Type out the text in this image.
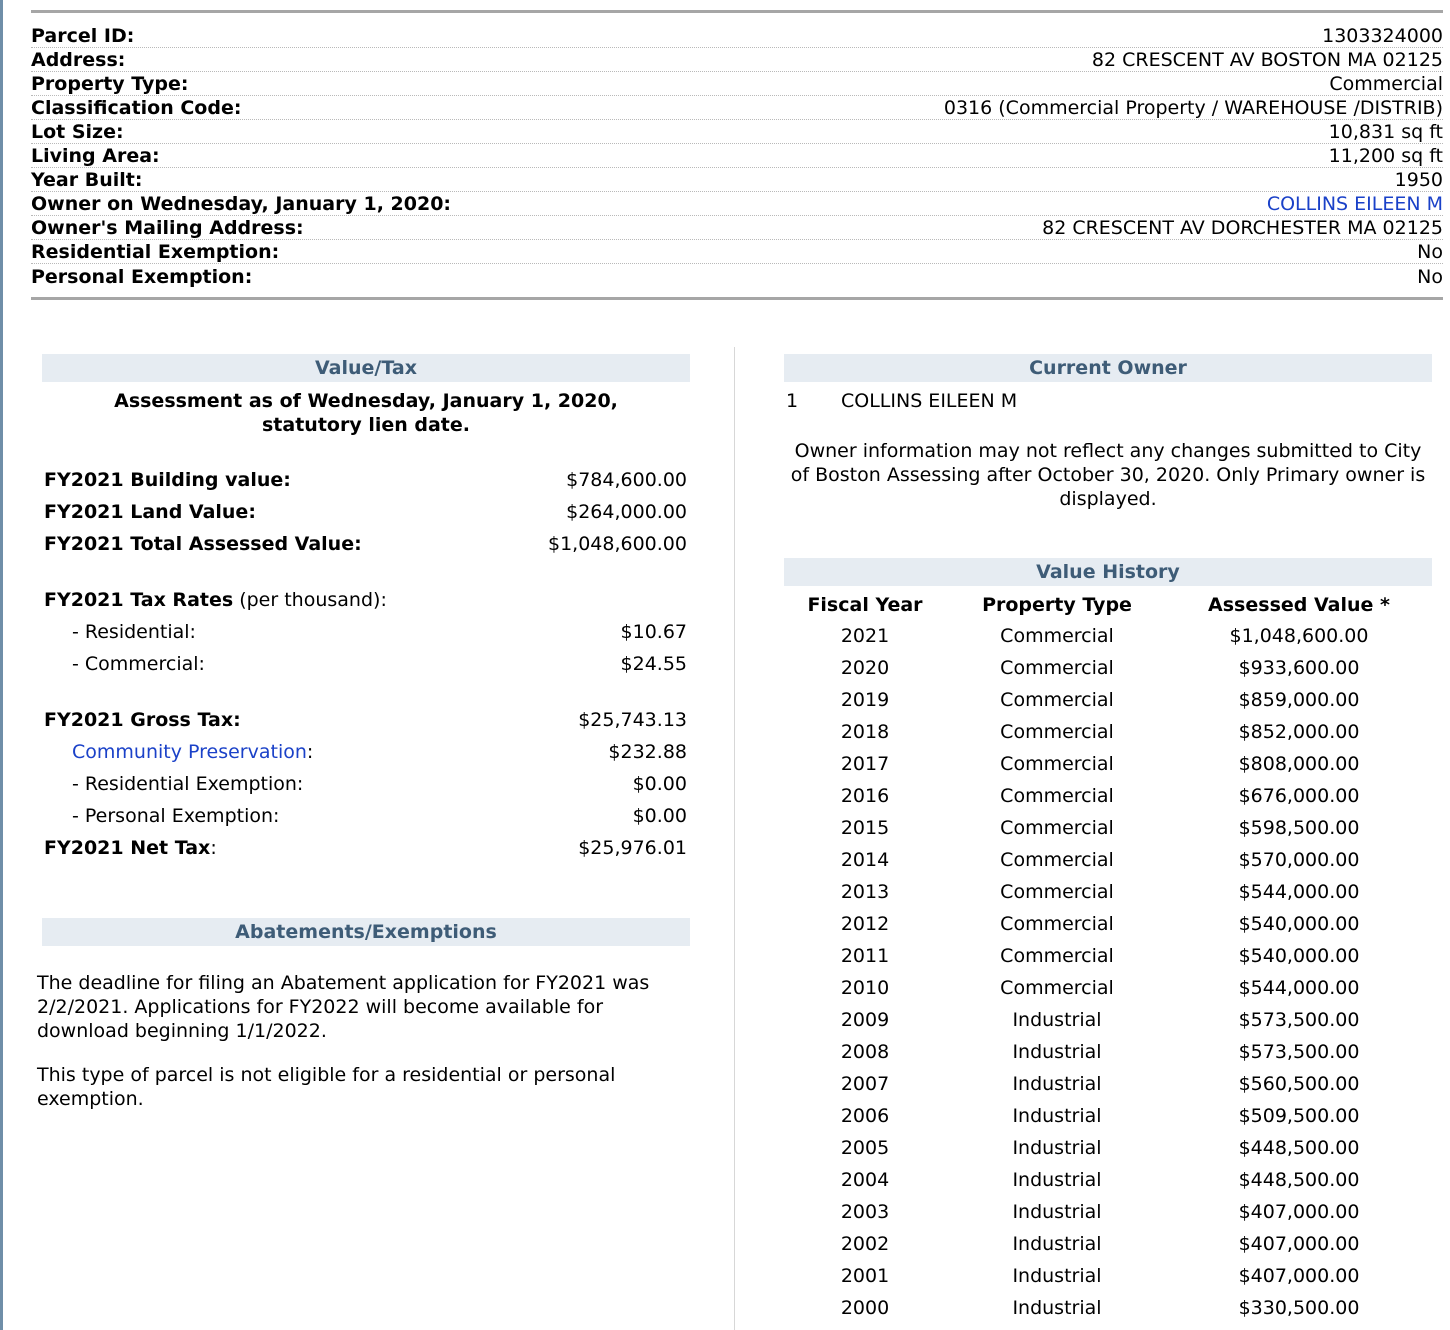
Parcel ID:	1303324000
Address:	82 CRESCENT AV BOSTON MA 02125
Property Type:	Commercial
Classification Code:	0316 (Commercial Property / WAREHOUSE /DISTRIB)
Lot Size:	10,831 sq ft
Living Area:	11,200 sq ft
Year Built:	1950
Owner on Wednesday, January 1, 2020:	COLLINS EILEEN M
Owner's Mailing Address:	82 CRESCENT AV DORCHESTER MA 02125
Residential Exemption:	No
Personal Exemption:	No
Value/Tax
Assessment as of Wednesday, January 1, 2020,
statutory lien date.
FY2021 Building value:	$784,600.00
FY2021 Land Value:	$264,000.00
FY2021 Total Assessed Value:	$1,048,600.00
FY2021 Tax Rates (per thousand):
- Residential:	$10.67
- Commercial:	$24.55
FY2021 Gross Tax:	$25,743.13
Community Preservation:	$232.88
- Residential Exemption:	$0.00
- Personal Exemption:	$0.00
FY2021 Net Tax:	$25,976.01
Abatements/Exemptions
The deadline for filing an Abatement application for FY2021 was 2/2/2021. Applications for FY2022 will become available for download beginning 1/1/2022.
This type of parcel is not eligible for a residential or personal exemption.
Current Owner
1 COLLINS EILEEN M
Owner information may not reflect any changes submitted to City of Boston Assessing after October 30, 2020. Only Primary owner is displayed.
Value History
Fiscal Year	Property Type	Assessed Value *
2021	Commercial	$1,048,600.00
2020	Commercial	$933,600.00
2019	Commercial	$859,000.00
2018	Commercial	$852,000.00
2017	Commercial	$808,000.00
2016	Commercial	$676,000.00
2015	Commercial	$598,500.00
2014	Commercial	$570,000.00
2013	Commercial	$544,000.00
2012	Commercial	$540,000.00
2011	Commercial	$540,000.00
2010	Commercial	$544,000.00
2009	Industrial	$573,500.00
2008	Industrial	$573,500.00
2007	Industrial	$560,500.00
2006	Industrial	$509,500.00
2005	Industrial	$448,500.00
2004	Industrial	$448,500.00
2003	Industrial	$407,000.00
2002	Industrial	$407,000.00
2001	Industrial	$407,000.00
2000	Industrial	$330,500.00
